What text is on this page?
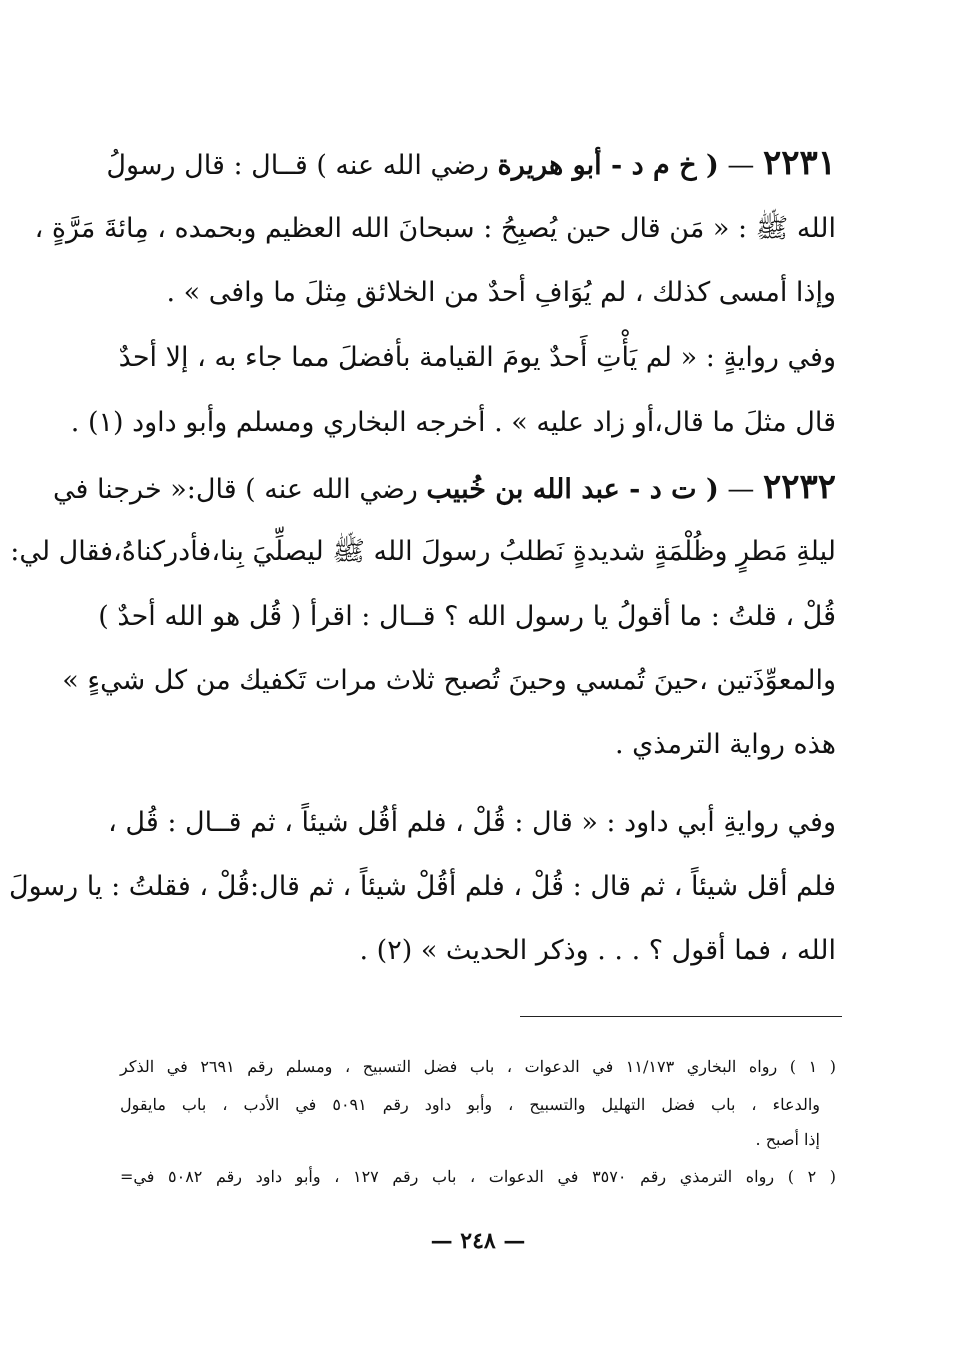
٢٢٣١ — ( خ م د - أبو هريرة رضي الله عنه ) قــال : قال رسولُ
الله ﷺ : « مَن قال حين يُصبِحُ : سبحانَ الله العظيم وبحمده ، مِائةَ مَرَّةٍ ،
وإذا أمسى كذلك ، لم يُوَافِ أحدٌ من الخلائق مِثلَ ما وافى » .
وفي روايةٍ : « لم يَأْتِ أَحدٌ يومَ القيامة بأفضلَ مما جاء به ، إلا أحدٌ
قال مثلَ ما قال،أو زاد عليه » . أخرجه البخاري ومسلم وأبو داود (١) .
٢٢٣٢ — ( ت د - عبد الله بن خُبيب رضي الله عنه ) قال:« خرجنا في
ليلةِ مَطرٍ وظُلْمَةٍ شديدةٍ نَطلبُ رسولَ الله ﷺ ليصلِّيَ بِنا،فأدركناهُ،فقال لي:
قُلْ ، قلتُ : ما أقولُ يا رسول الله ؟ قــال : اقرأ ( قُل هو الله أحدٌ )
والمعوِّذَتين ،حينَ تُمسي وحينَ تُصبح ثلاث مرات تَكفيك من كل شيءٍ »
هذه رواية الترمذي .
وفي روايةِ أبي داود : « قال : قُلْ ، فلم أقُل شيئاً ، ثم قــال : قُل ،
فلم أقل شيئاً ، ثم قال : قُلْ ، فلم أقُلْ شيئاً ، ثم قال:قُلْ ، فقلتُ : يا رسولَ
الله ، فما أقول ؟ . . . وذكر الحديث » (٢) .
( ١ ) رواه البخاري ١١/١٧٣ في الدعوات ، باب فضل التسبيح ، ومسلم رقم ٢٦٩١ في الذكر
والدعاء ، باب فضل التهليل والتسبيح ، وأبو داود رقم ٥٠٩١ في الأدب ، باب مايقول
إذا أصبح .
( ٢ ) رواه الترمذي رقم ٣٥٧٠ في الدعوات ، باب رقم ١٢٧ ، وأبو داود رقم ٥٠٨٢ في=
— ٢٤٨ —
